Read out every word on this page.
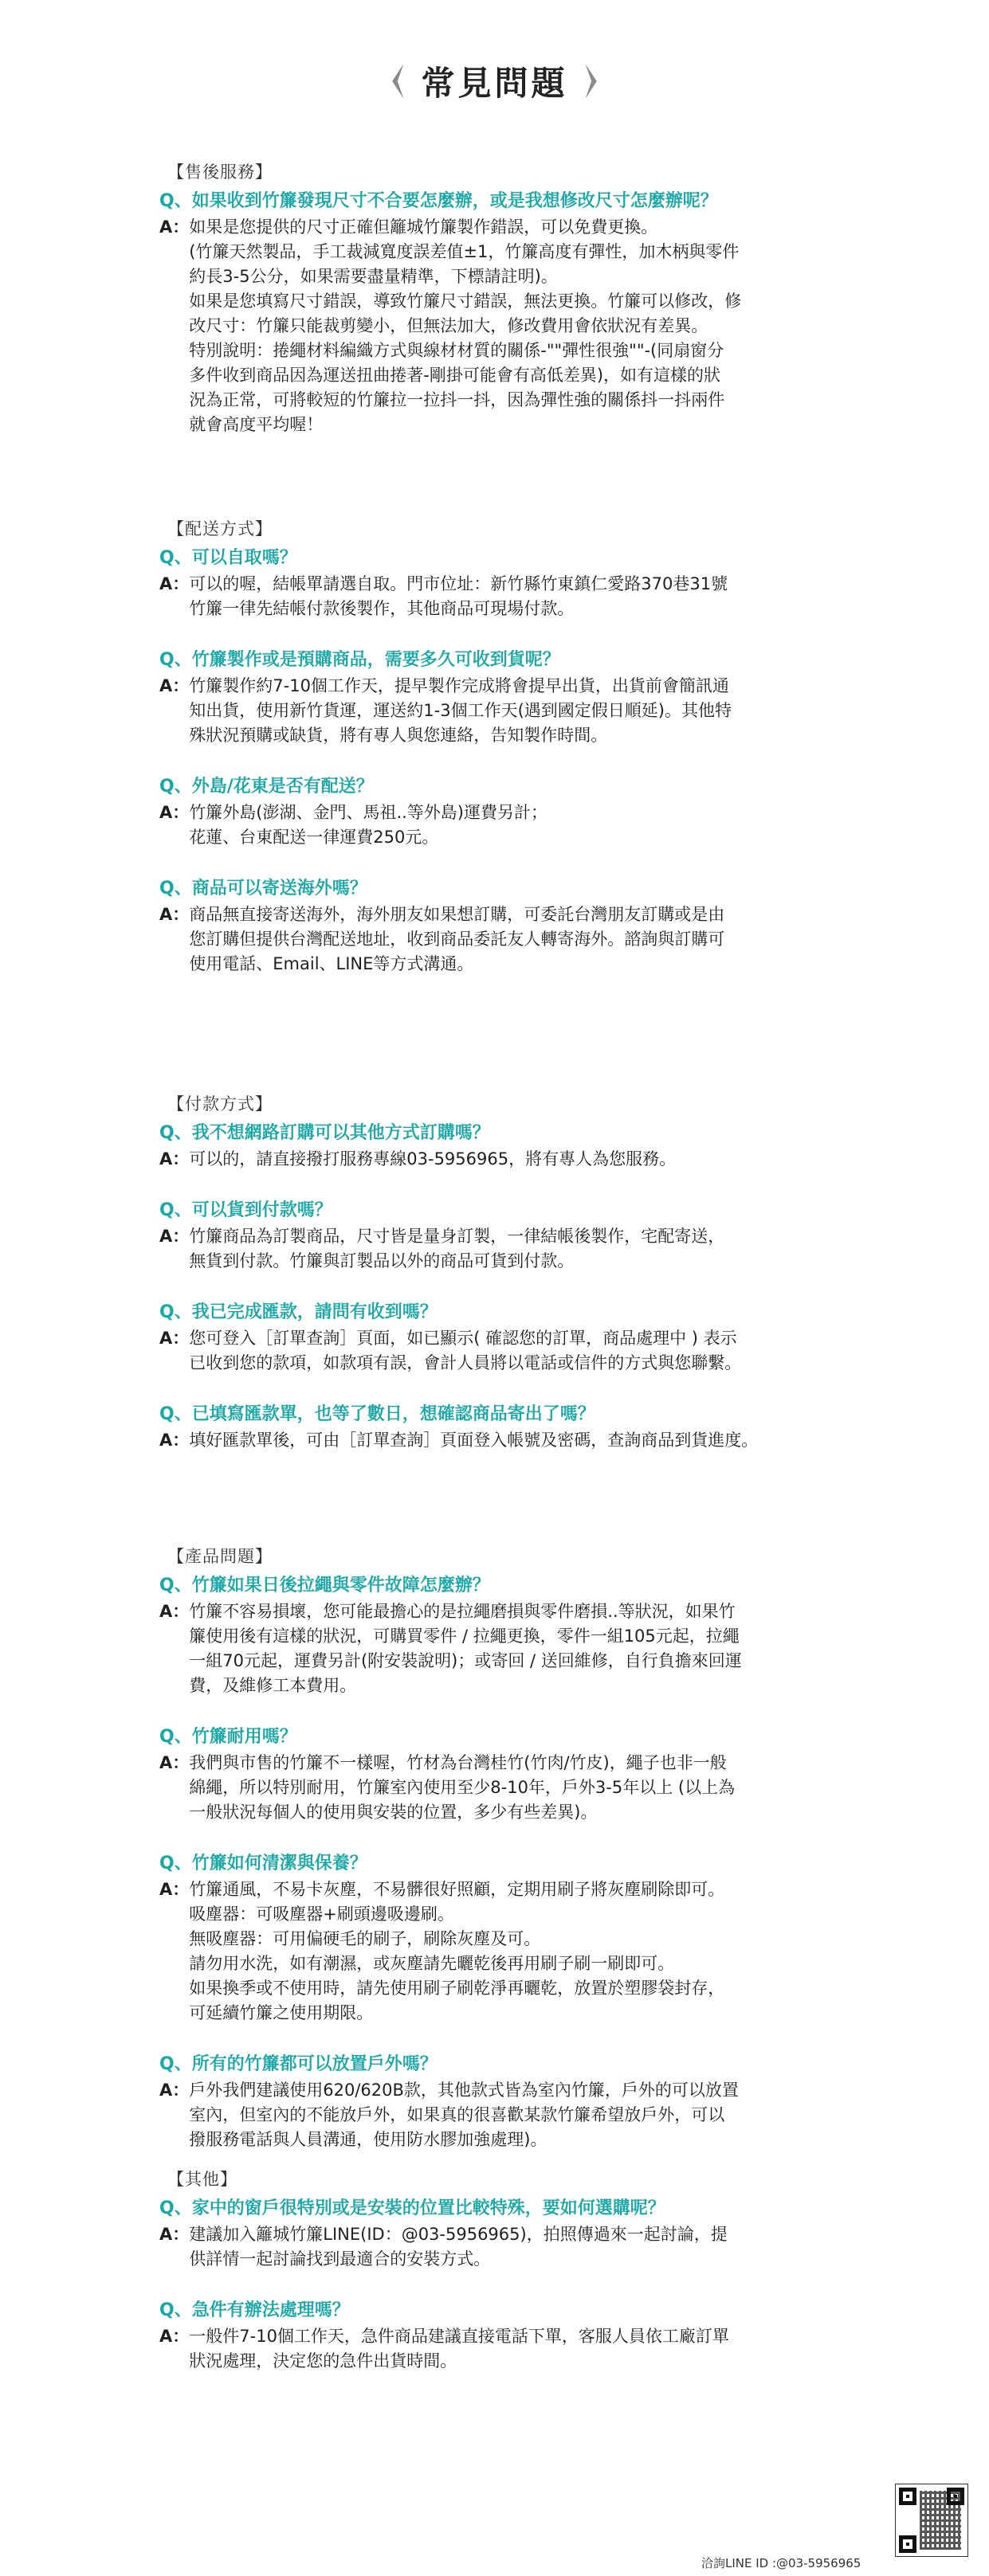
常見問題
【售後服務】
Q、 如果收到竹簾發現尺寸不合要怎麼辦，或是我想修改尺寸怎麼辦呢？
A： 如果是您提供的尺寸正確但籬城竹簾製作錯誤，可以免費更換。
(竹簾天然製品，手工裁減寬度誤差值±1，竹簾高度有彈性，加木柄與零件
約長3-5公分，如果需要盡量精準，下標請註明)。
如果是您填寫尺寸錯誤，導致竹簾尺寸錯誤，無法更換。竹簾可以修改，修
改尺寸：竹簾只能裁剪變小，但無法加大，修改費用會依狀況有差異。
特別說明：捲繩材料編織方式與線材材質的關係-""彈性很強""-(同扇窗分
多件收到商品因為運送扭曲捲著-剛掛可能會有高低差異)，如有這樣的狀
況為正常，可將較短的竹簾拉一拉抖一抖，因為彈性強的關係抖一抖兩件
就會高度平均喔！
【配送方式】
Q、 可以自取嗎？
A： 可以的喔，結帳單請選自取。門市位址：新竹縣竹東鎮仁愛路370巷31號
竹簾一律先結帳付款後製作，其他商品可現場付款。
Q、 竹簾製作或是預購商品，需要多久可收到貨呢？
A： 竹簾製作約7-10個工作天，提早製作完成將會提早出貨，出貨前會簡訊通
知出貨，使用新竹貨運，運送約1-3個工作天(遇到國定假日順延)。其他特
殊狀況預購或缺貨，將有專人與您連絡，告知製作時間。
Q、 外島/花東是否有配送？
A： 竹簾外島(澎湖、金門、馬祖..等外島)運費另計；
花蓮、台東配送一律運費250元。
Q、 商品可以寄送海外嗎？
A： 商品無直接寄送海外，海外朋友如果想訂購，可委託台灣朋友訂購或是由
您訂購但提供台灣配送地址，收到商品委託友人轉寄海外。諮詢與訂購可
使用電話、Email、LINE等方式溝通。
【付款方式】
Q、 我不想網路訂購可以其他方式訂購嗎？
A： 可以的，請直接撥打服務專線03-5956965，將有專人為您服務。
Q、 可以貨到付款嗎？
A： 竹簾商品為訂製商品，尺寸皆是量身訂製，一律結帳後製作，宅配寄送，
無貨到付款。竹簾與訂製品以外的商品可貨到付款。
Q、 我已完成匯款，請問有收到嗎？
A： 您可登入［訂單查詢］頁面，如已顯示( 確認您的訂單，商品處理中 ) 表示
已收到您的款項，如款項有誤，會計人員將以電話或信件的方式與您聯繫。
Q、 已填寫匯款單，也等了數日，想確認商品寄出了嗎？
A： 填好匯款單後，可由［訂單查詢］頁面登入帳號及密碼，查詢商品到貨進度。
【產品問題】
Q、 竹簾如果日後拉繩與零件故障怎麼辦？
A： 竹簾不容易損壞，您可能最擔心的是拉繩磨損與零件磨損..等狀況，如果竹
簾使用後有這樣的狀況，可購買零件 / 拉繩更換，零件一組105元起，拉繩
一組70元起，運費另計(附安裝說明)；或寄回 / 送回維修，自行負擔來回運
費，及維修工本費用。
Q、 竹簾耐用嗎？
A： 我們與市售的竹簾不一樣喔，竹材為台灣桂竹(竹肉/竹皮)，繩子也非一般
綿繩，所以特別耐用，竹簾室內使用至少8-10年，戶外3-5年以上 (以上為
一般狀況每個人的使用與安裝的位置，多少有些差異)。
Q、 竹簾如何清潔與保養？
A： 竹簾通風，不易卡灰塵，不易髒很好照顧，定期用刷子將灰塵刷除即可。
吸塵器：可吸塵器+刷頭邊吸邊刷。
無吸塵器：可用偏硬毛的刷子，刷除灰塵及可。
請勿用水洗，如有潮濕，或灰塵請先曬乾後再用刷子刷一刷即可。
如果換季或不使用時，請先使用刷子刷乾淨再曬乾，放置於塑膠袋封存，
可延續竹簾之使用期限。
Q、 所有的竹簾都可以放置戶外嗎？
A： 戶外我們建議使用620/620B款，其他款式皆為室內竹簾，戶外的可以放置
室內，但室內的不能放戶外，如果真的很喜歡某款竹簾希望放戶外，可以
撥服務電話與人員溝通，使用防水膠加強處理)。
【其他】
Q、 家中的窗戶很特別或是安裝的位置比較特殊，要如何選購呢？
A： 建議加入籬城竹簾LINE(ID：@03-5956965)，拍照傳過來一起討論，提
供詳情一起討論找到最適合的安裝方式。
Q、 急件有辦法處理嗎？
A： 一般件7-10個工作天，急件商品建議直接電話下單，客服人員依工廠訂單
狀況處理，決定您的急件出貨時間。
洽詢LINE ID :@03-5956965
